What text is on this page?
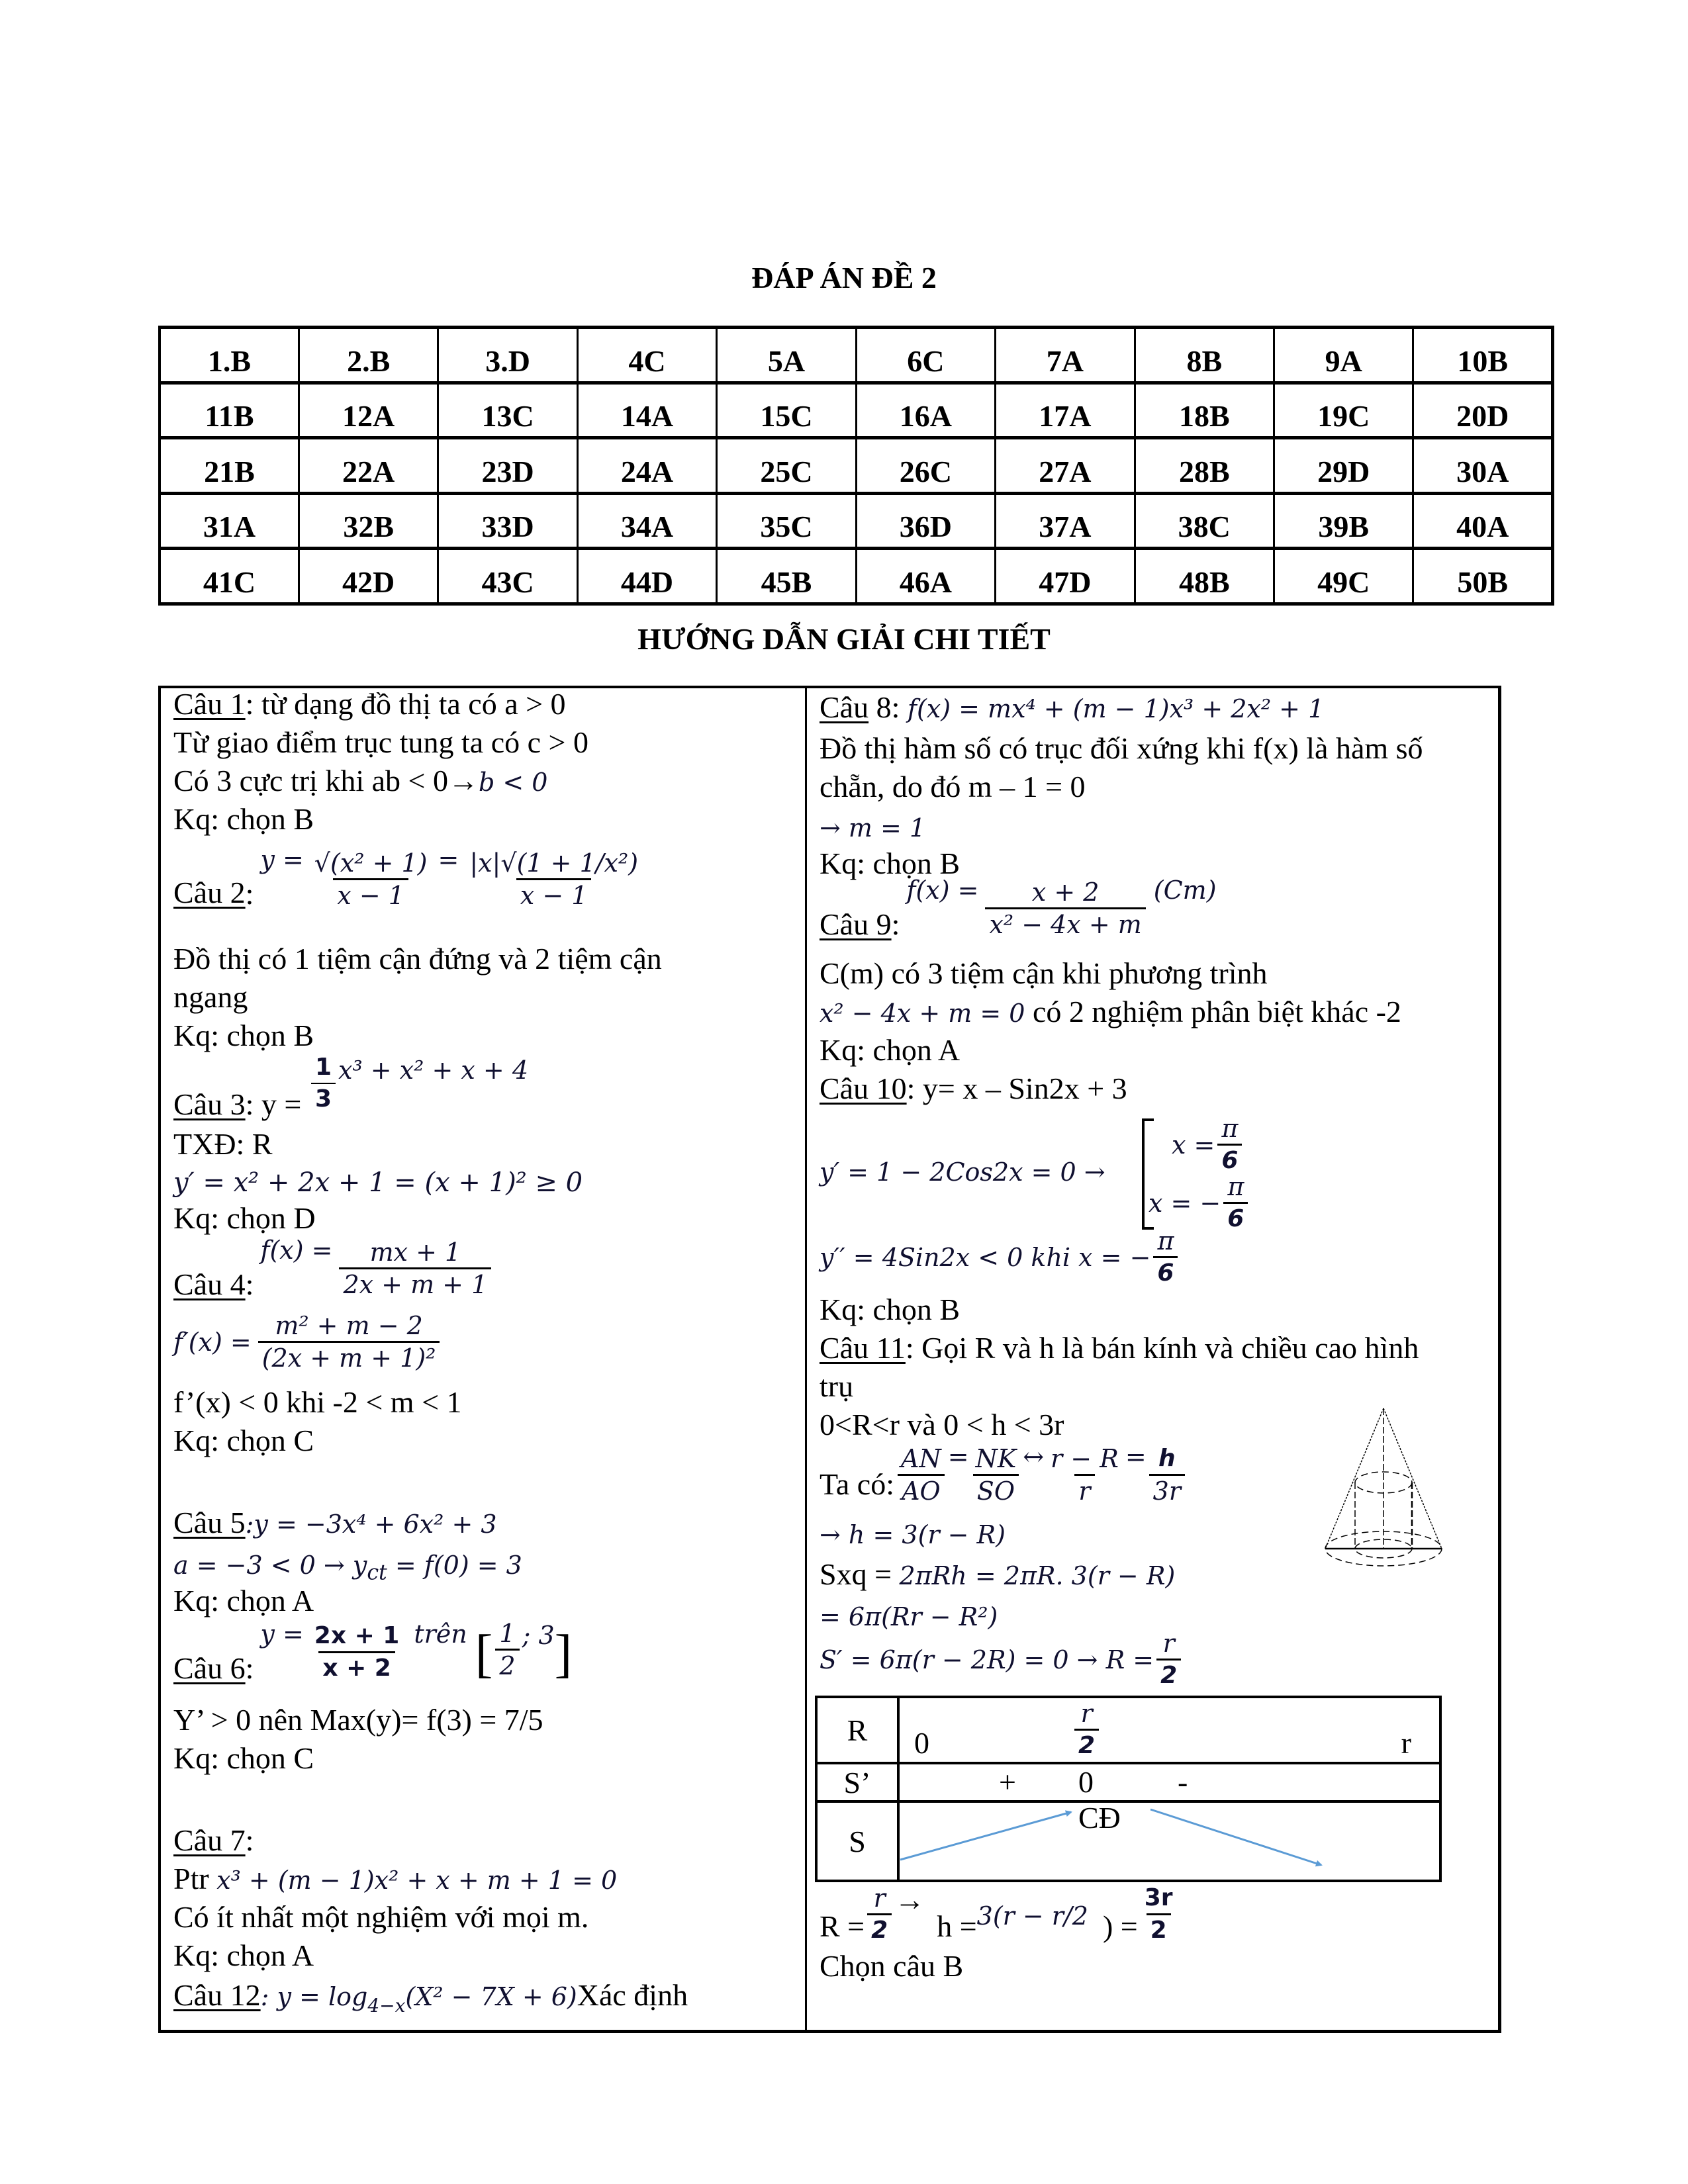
ĐÁP ÁN ĐỀ 2
1.B	2.B	3.D	4C	5A	6C	7A	8B	9A	10B
11B	12A	13C	14A	15C	16A	17A	18B	19C	20D
21B	22A	23D	24A	25C	26C	27A	28B	29D	30A
31A	32B	33D	34A	35C	36D	37A	38C	39B	40A
41C	42D	43C	44D	45B	46A	47D	48B	49C	50B
HƯỚNG DẪN GIẢI CHI TIẾT
Câu 1: từ dạng đồ thị ta có a > 0
Từ giao điểm trục tung ta có c > 0
Có 3 cực trị khi ab < 0→b < 0
Kq: chọn B
Câu 2 :
$y = \frac{\text{√(x² + 1)}}{x - 1} = \frac{\text{|x|√(1 + 1/x²)}}{x - 1}$
Đồ thị có 1 tiệm cận đứng và 2 tiệm cận
ngang
Kq: chọn B
Câu 3: $y = \frac{1}{3} x^3 + x^2 + x + 4$
TXĐ: R
y′ = x² + 2x + 1 = (x + 1)² ≥ 0
Kq: chọn D
Câu 4 :
$f(x) = \frac{mx + 1}{2x + m + 1}$
$f'(x) = \frac{\text{m² + m − 2}}{\text{(2x + m + 1)²}}$
f’(x) < 0 khi -2 < m < 1
Kq: chọn C
Câu 5:y = −3x⁴ + 6x² + 3
$a = -3 < 0 \to y_{ct} = f(0) = 3$
Kq: chọn A
Câu 6 :
$y = \frac{2x + 1}{x + 2}$ trên [ $\frac{1}{2}$ ; 3 ]
Y’ > 0 nên Max(y)= f(3) = 7/5
Kq: chọn C
Câu 7:
Ptr x³ + (m − 1)x² + x + m + 1 = 0
Có ít nhất một nghiệm với mọi m.
Kq: chọn A
Câu 12: $y = \log_{4-x}(X^2 - 7X$ + 6)Xác định
Câu 8: f(x) = mx⁴ + (m − 1)x³ + 2x² + 1
Đồ thị hàm số có trục đối xứng khi f(x) là hàm số
chẵn, do đó m – 1 = 0
→ m = 1
Kq: chọn B
Câu 9 :
$f(x) = \frac{x + 2}{\text{x² − 4x + m}} (Cm)$
C(m) có 3 tiệm cận khi phương trình
x² − 4x + m = 0 có 2 nghiệm phân biệt khác -2
Kq: chọn A
Câu 10: y= x – Sin2x + 3
y′ = 1 − 2Cos2x = 0 →
$x = \frac{\pi}{6}$
x = − $\frac{\pi}{6}$
y′′ = 4Sin2x < 0 khi x = − $\frac{\pi}{6}$
Kq: chọn B
Câu 11: Gọi R và h là bán kính và chiều cao hình
trụ
0<R<r và 0 < h < 3r
Ta có: $\frac{AN}{AO} = \frac{NK}{SO}$ ↔ $\frac{r - R}{r} = \frac{h}{3r}$
→ h = 3(r − R)
Sxq = 2πRh = 2πR. 3(r − R)
= 6π(Rr − R²)
$S' = 6\pi(r - 2R) = 0 \to R = \frac{r}{2}$
R	$0 \frac{r}{2}$ r

S’	+ 0 -

S	CĐ
$R = \frac{r}{2}$ →
h = 3(r − r/2 ) = $\frac{3r}{2}$
Chọn câu B
